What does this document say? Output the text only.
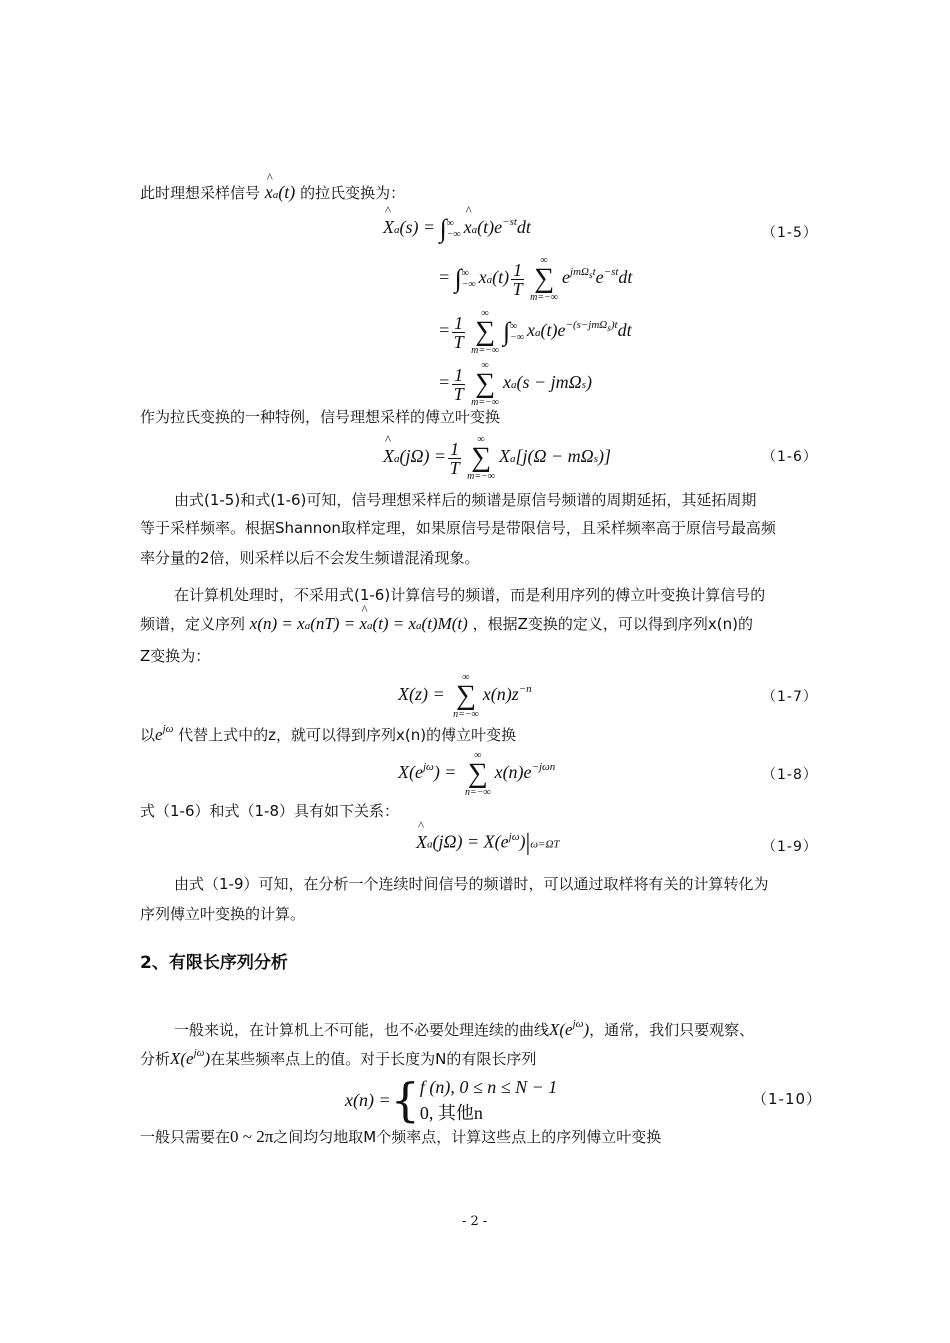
此时理想采样信号 ^ xa(t) 的拉氏变换为：
^ Xa(s) = ∫∞
−∞ ^ $xa(t)e^{-st}dt$	（1-5）
= ∫∞
−∞ $xa(t) \frac{1}{T}$	∞
∑
m=−∞
$e^{jm\Omega_st}e^{-st}dt$
= $\frac{1}{T}$	∞
∑
m=−∞
∫∞
−∞ $xa(t)e^{-(s-jm\Omega_s)t}dt$
= $\frac{1}{T}$	∞
∑
m=−∞
xa(s − jmΩs)
作为拉氏变换的一种特例，信号理想采样的傅立叶变换
^ $Xa(j\Omega) = \frac{1}{T}$	∞
∑
m=−∞
Xa[j(Ω − mΩs)]	（1-6）
由式(1-5)和式(1-6)可知，信号理想采样后的频谱是原信号频谱的周期延拓，其延拓周期
等于采样频率。根据Shannon取样定理，如果原信号是带限信号，且采样频率高于原信号最高频
率分量的2倍，则采样以后不会发生频谱混淆现象。
在计算机处理时，不采用式(1-6)计算信号的频谱，而是利用序列的傅立叶变换计算信号的
频谱，定义序列 x(n) = xa(nT) = ^ xa(t) = xa(t)M(t) ，根据Z变换的定义，可以得到序列x(n)的
Z变换为：
X(z) =
∞
∑
n=−∞
$x(n)z^{-n}$	（1-7）
以$e^{j\omega}$ 代替上式中的z，就可以得到序列x(n)的傅立叶变换
$X(e^{j\omega})$ =
∞
∑
n=−∞
$x(n)e^{-j\omega n}$	（1-8）
式（1-6）和式（1-8）具有如下关系：
^ $Xa(j\Omega) = X(e^{j\omega})|\omega=\Omega T$	（1-9）
由式（1-9）可知，在分析一个连续时间信号的频谱时，可以通过取样将有关的计算转化为
序列傅立叶变换的计算。
2、有限长序列分析
一般来说，在计算机上不可能，也不必要处理连续的曲线$X(e^{j\omega})$，通常，我们只要观察、
分析$X(e^{j\omega})$在某些频率点上的值。对于长度为N的有限长序列
x(n) = { f (n), 0 ≤ n ≤ N − 1
0, 其他n
（1-10）
一般只需要在0 ~ 2π之间均匀地取M个频率点，计算这些点上的序列傅立叶变换
- 2 -
